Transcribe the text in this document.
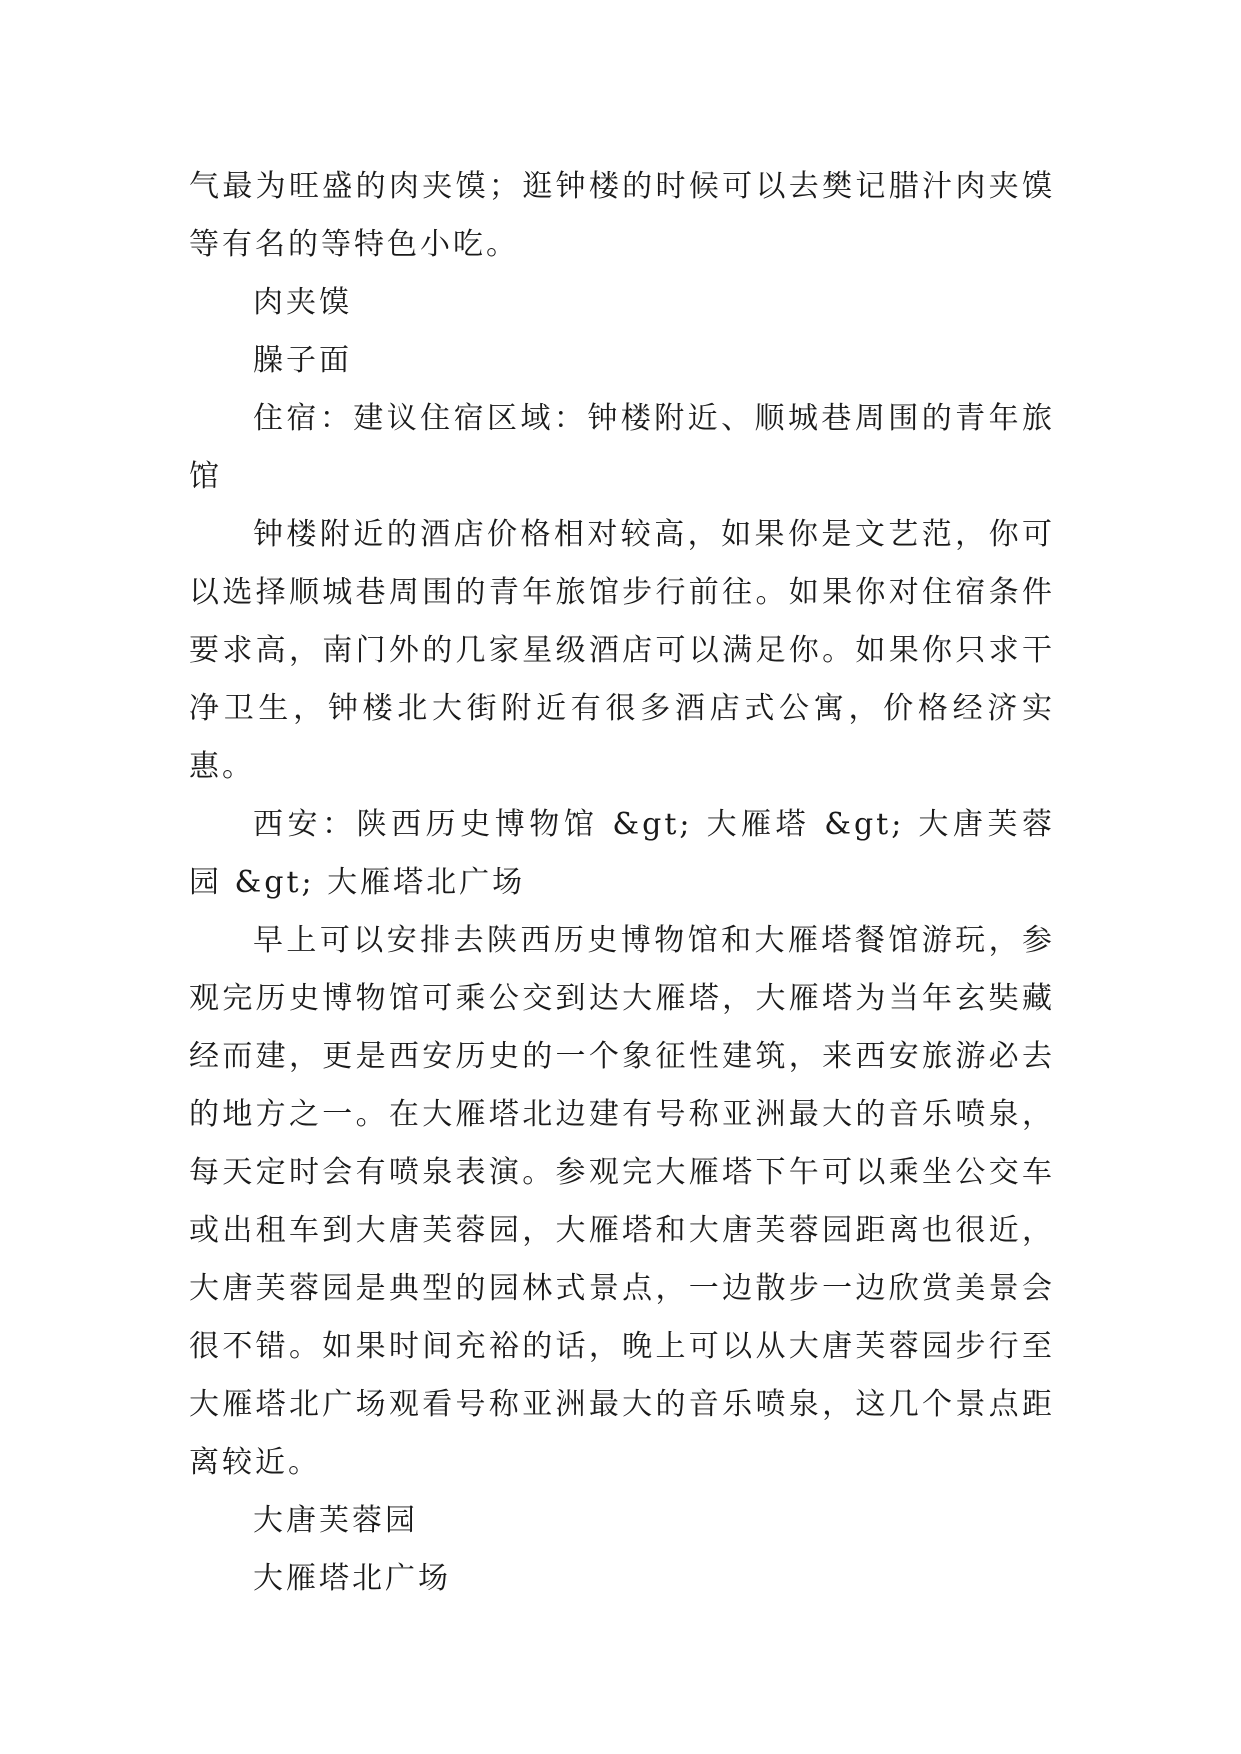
气最为旺盛的肉夹馍；逛钟楼的时候可以去樊记腊汁肉夹馍等有名的等特色小吃。

肉夹馍

臊子面

住宿：建议住宿区域：钟楼附近、顺城巷周围的青年旅馆

钟楼附近的酒店价格相对较高，如果你是文艺范，你可以选择顺城巷周围的青年旅馆步行前往。如果你对住宿条件要求高，南门外的几家星级酒店可以满足你。如果你只求干净卫生，钟楼北大街附近有很多酒店式公寓，价格经济实惠。

西安：陕西历史博物馆 &gt; 大雁塔 &gt; 大唐芙蓉园 &gt; 大雁塔北广场

早上可以安排去陕西历史博物馆和大雁塔餐馆游玩，参观完历史博物馆可乘公交到达大雁塔，大雁塔为当年玄奘藏经而建，更是西安历史的一个象征性建筑，来西安旅游必去的地方之一。在大雁塔北边建有号称亚洲最大的音乐喷泉，每天定时会有喷泉表演。参观完大雁塔下午可以乘坐公交车或出租车到大唐芙蓉园，大雁塔和大唐芙蓉园距离也很近，大唐芙蓉园是典型的园林式景点，一边散步一边欣赏美景会很不错。如果时间充裕的话，晚上可以从大唐芙蓉园步行至大雁塔北广场观看号称亚洲最大的音乐喷泉，这几个景点距离较近。

大唐芙蓉园

大雁塔北广场
